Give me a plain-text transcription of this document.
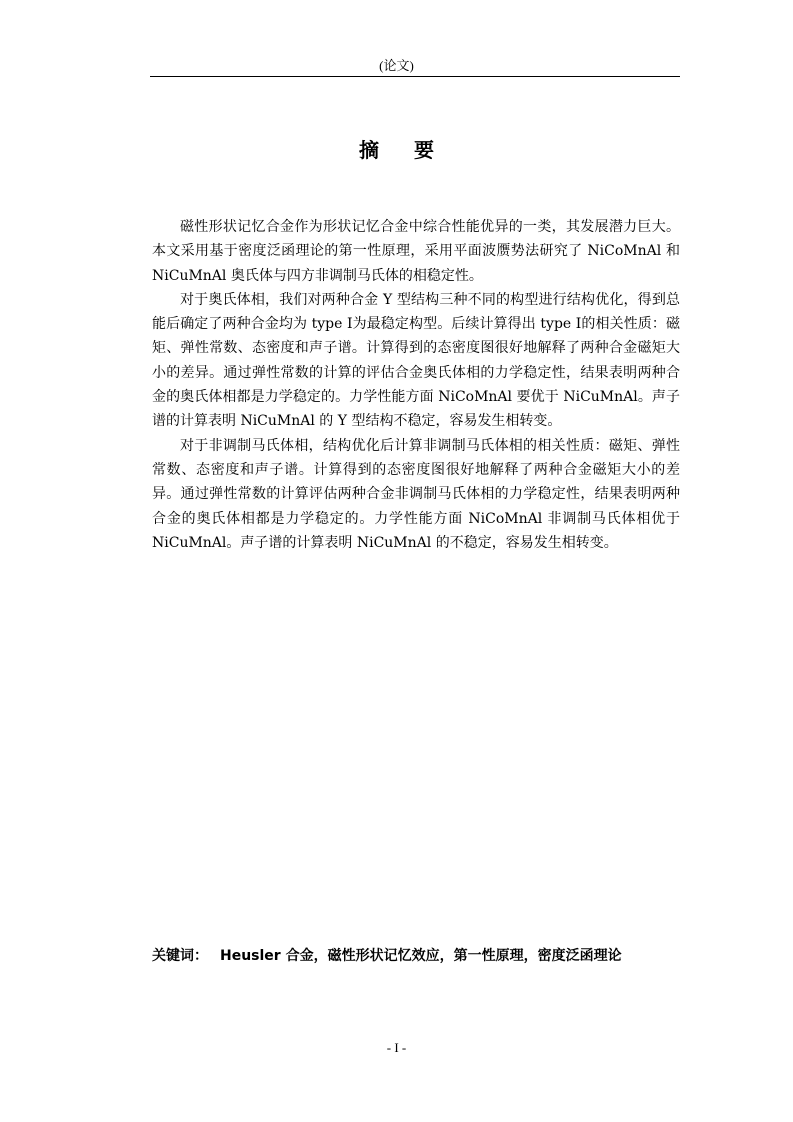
(论文)
摘 要

磁性形状记忆合金作为形状记忆合金中综合性能优异的一类，其发展潜力巨大。本文采用基于密度泛函理论的第一性原理，采用平面波赝势法研究了 NiCoMnAl 和 NiCuMnAl 奥氏体与四方非调制马氏体的相稳定性。

对于奥氏体相，我们对两种合金 Y 型结构三种不同的构型进行结构优化，得到总能后确定了两种合金均为 type Ⅰ为最稳定构型。后续计算得出 type Ⅰ的相关性质：磁矩、弹性常数、态密度和声子谱。计算得到的态密度图很好地解释了两种合金磁矩大小的差异。通过弹性常数的计算的评估合金奥氏体相的力学稳定性，结果表明两种合金的奥氏体相都是力学稳定的。力学性能方面 NiCoMnAl 要优于 NiCuMnAl。声子谱的计算表明 NiCuMnAl 的 Y 型结构不稳定，容易发生相转变。

对于非调制马氏体相，结构优化后计算非调制马氏体相的相关性质：磁矩、弹性常数、态密度和声子谱。计算得到的态密度图很好地解释了两种合金磁矩大小的差异。通过弹性常数的计算评估两种合金非调制马氏体相的力学稳定性，结果表明两种合金的奥氏体相都是力学稳定的。力学性能方面 NiCoMnAl 非调制马氏体相优于 NiCuMnAl。声子谱的计算表明 NiCuMnAl 的不稳定，容易发生相转变。

关键词： Heusler 合金，磁性形状记忆效应，第一性原理，密度泛函理论
- I -
